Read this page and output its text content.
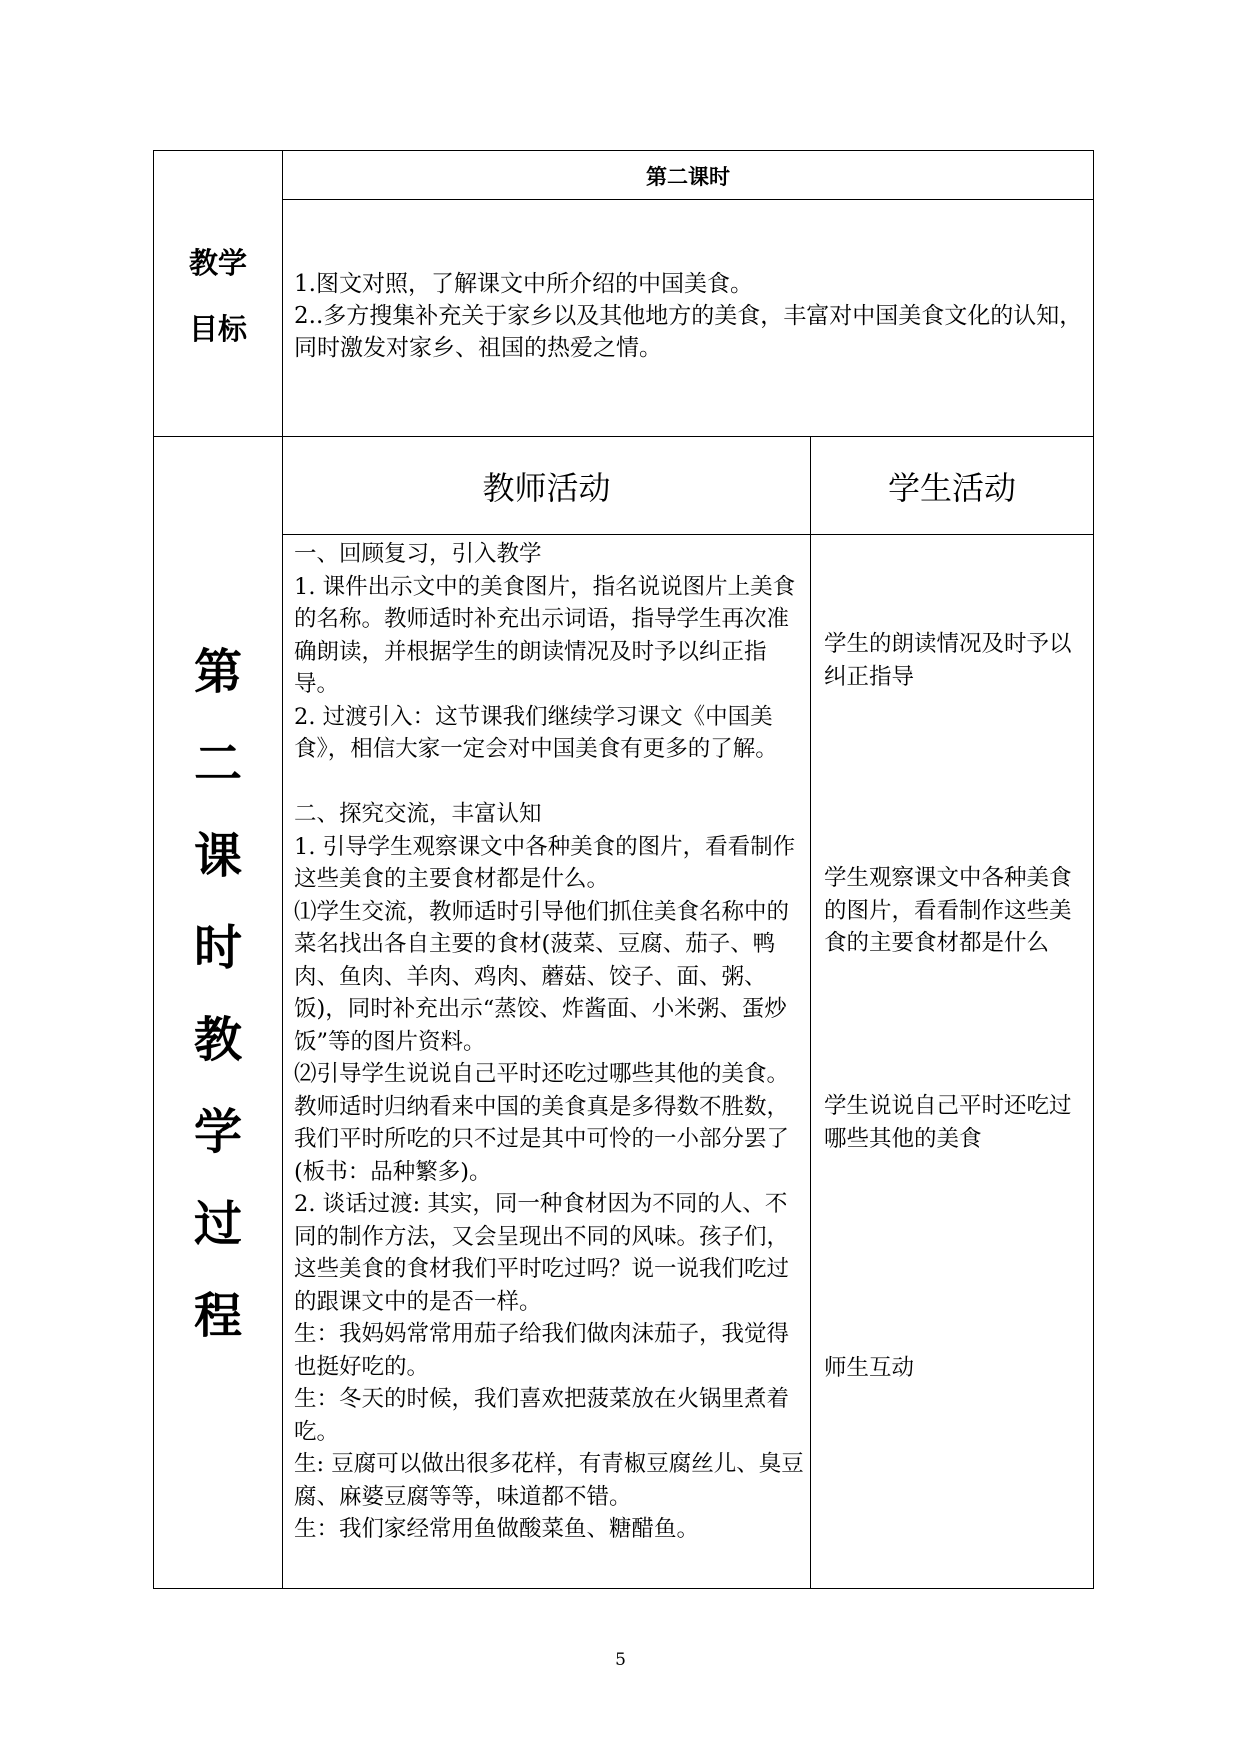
第二课时
教学
目标

1.图文对照，了解课文中所介绍的中国美食。

2..多方搜集补充关于家乡以及其他地方的美食，丰富对中国美食文化的认知，同时激发对家乡、祖国的热爱之情。

第
二
课
时
教
学
过
程
教师活动	学生活动

一、回顾复习，引入教学

1. 课件出示文中的美食图片，指名说说图片上美食的名称。教师适时补充出示词语，指导学生再次准确朗读，并根据学生的朗读情况及时予以纠正指导。

2. 过渡引入：这节课我们继续学习课文《中国美食》，相信大家一定会对中国美食有更多的了解。

二、探究交流，丰富认知

1. 引导学生观察课文中各种美食的图片，看看制作这些美食的主要食材都是什么。

⑴学生交流，教师适时引导他们抓住美食名称中的菜名找出各自主要的食材(菠菜、豆腐、茄子、鸭肉、鱼肉、羊肉、鸡肉、蘑菇、饺子、面、粥、饭)，同时补充出示“蒸饺、炸酱面、小米粥、蛋炒饭”等的图片资料。

⑵引导学生说说自己平时还吃过哪些其他的美食。教师适时归纳看来中国的美食真是多得数不胜数，我们平时所吃的只不过是其中可怜的一小部分罢了(板书：品种繁多)。

2. 谈话过渡: 其实，同一种食材因为不同的人、不同的制作方法，又会呈现出不同的风味。孩子们，这些美食的食材我们平时吃过吗？说一说我们吃过的跟课文中的是否一样。

生：我妈妈常常用茄子给我们做肉沫茄子，我觉得也挺好吃的。

生：冬天的时候，我们喜欢把菠菜放在火锅里煮着吃。

生: 豆腐可以做出很多花样，有青椒豆腐丝儿、臭豆腐、麻婆豆腐等等，味道都不错。

生：我们家经常用鱼做酸菜鱼、糖醋鱼。

学生的朗读情况及时予以纠正指导
学生观察课文中各种美食的图片，看看制作这些美食的主要食材都是什么
学生说说自己平时还吃过哪些其他的美食
师生互动
5
